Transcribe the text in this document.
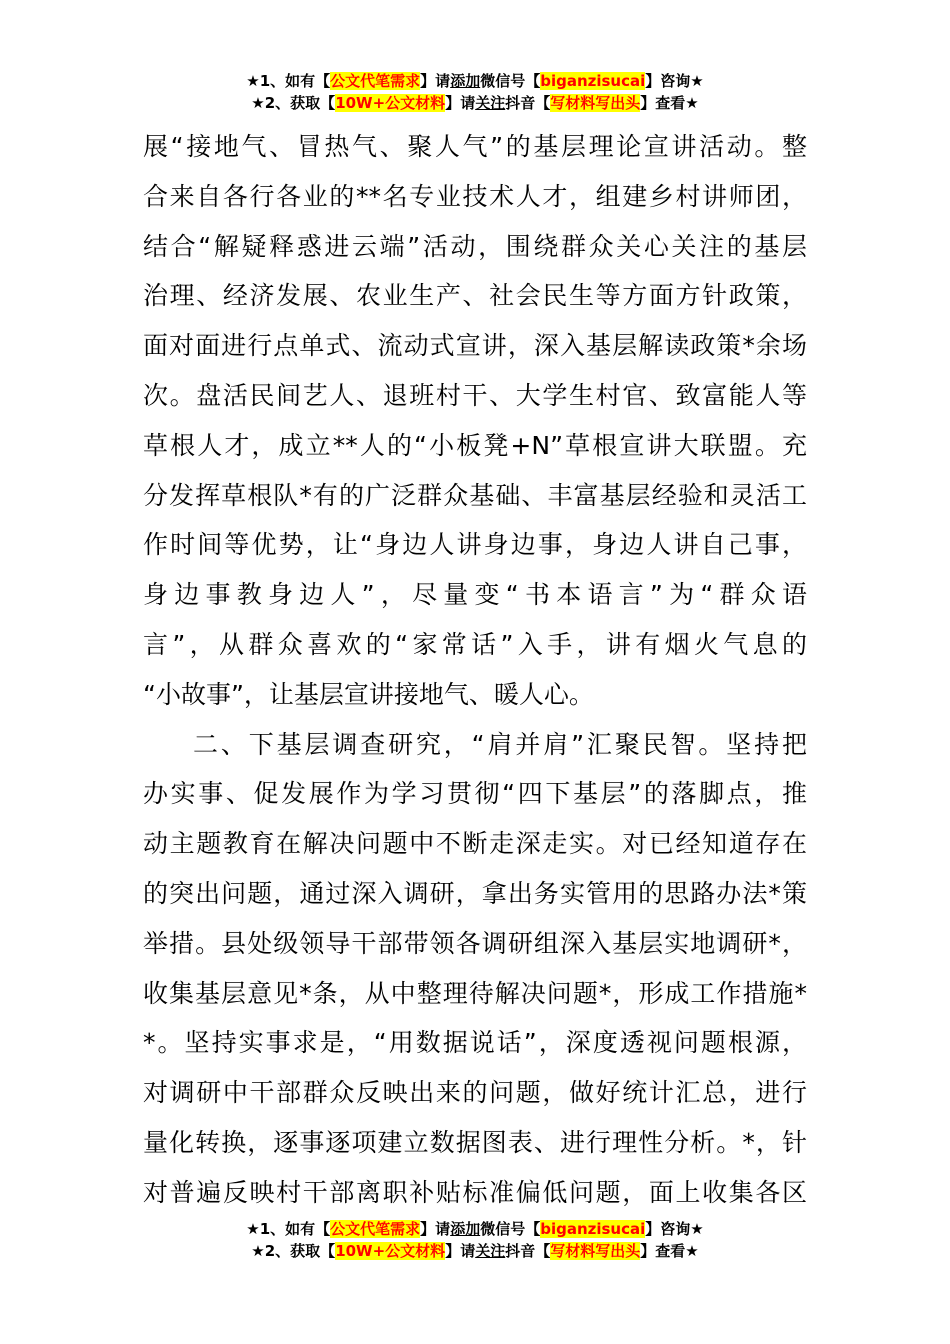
★1、如有【公文代笔需求】请添加微信号【biganzisucai】咨询★
★2、获取【10W+公文材料】请关注抖音【写材料写出头】查看★
展“接地气、冒热气、聚人气”的基层理论宣讲活动。整
合来自各行各业的**名专业技术人才，组建乡村讲师团，
结合“解疑释惑进云端”活动，围绕群众关心关注的基层
治理、经济发展、农业生产、社会民生等方面方针政策，
面对面进行点单式、流动式宣讲，深入基层解读政策*余场
次。盘活民间艺人、退班村干、大学生村官、致富能人等
草根人才，成立**人的“小板凳+N”草根宣讲大联盟。充
分发挥草根队*有的广泛群众基础、丰富基层经验和灵活工
作时间等优势，让“身边人讲身边事，身边人讲自己事，
身边事教身边人”，尽量变“书本语言”为“群众语
言”，从群众喜欢的“家常话”入手，讲有烟火气息的
“小故事”，让基层宣讲接地气、暖人心。
二、下基层调查研究，“肩并肩”汇聚民智。坚持把
办实事、促发展作为学习贯彻“四下基层”的落脚点，推
动主题教育在解决问题中不断走深走实。对已经知道存在
的突出问题，通过深入调研，拿出务实管用的思路办法*策
举措。县处级领导干部带领各调研组深入基层实地调研*，
收集基层意见*条，从中整理待解决问题*，形成工作措施*
*。坚持实事求是，“用数据说话”，深度透视问题根源，
对调研中干部群众反映出来的问题，做好统计汇总，进行
量化转换，逐事逐项建立数据图表、进行理性分析。*，针
对普遍反映村干部离职补贴标准偏低问题，面上收集各区
★1、如有【公文代笔需求】请添加微信号【biganzisucai】咨询★
★2、获取【10W+公文材料】请关注抖音【写材料写出头】查看★
